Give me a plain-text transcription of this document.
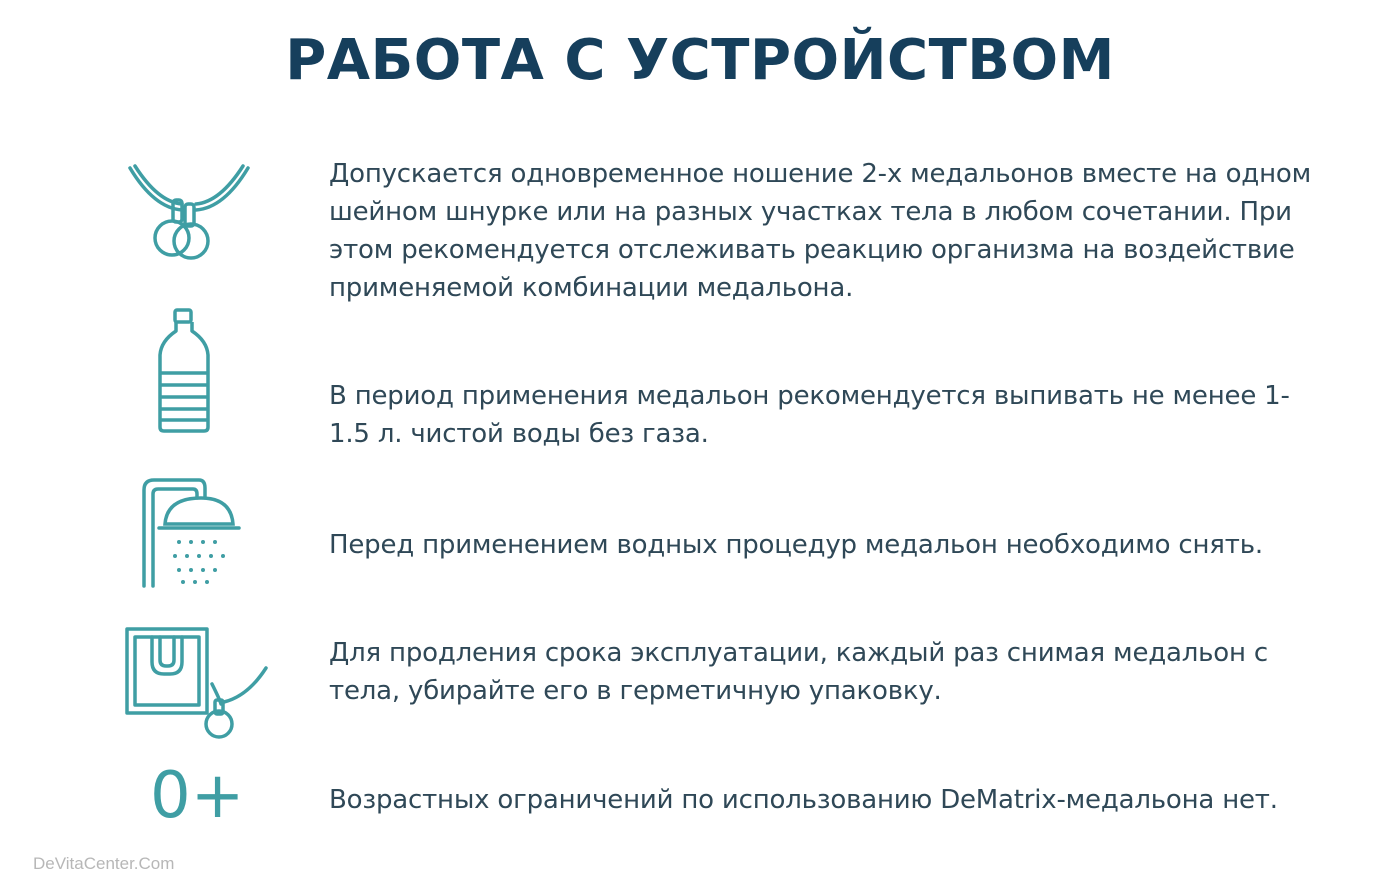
РАБОТА С УСТРОЙСТВОМ

Допускается одновременное ношение 2-х медальонов вместе на одном шейном шнурке или на разных участках тела в любом сочетании. При этом рекомендуется отслеживать реакцию организма на воздействие применяемой комбинации медальона.

В период применения медальон рекомендуется выпивать не менее 1-1.5 л. чистой воды без газа.

Перед применением водных процедур медальон необходимо снять.

Для продления срока эксплуатации, каждый раз снимая медальон с тела, убирайте его в герметичную упаковку.

0+	Возрастных ограничений по использованию DeMatrix-медальона нет.

DeVitaCenter.Com
